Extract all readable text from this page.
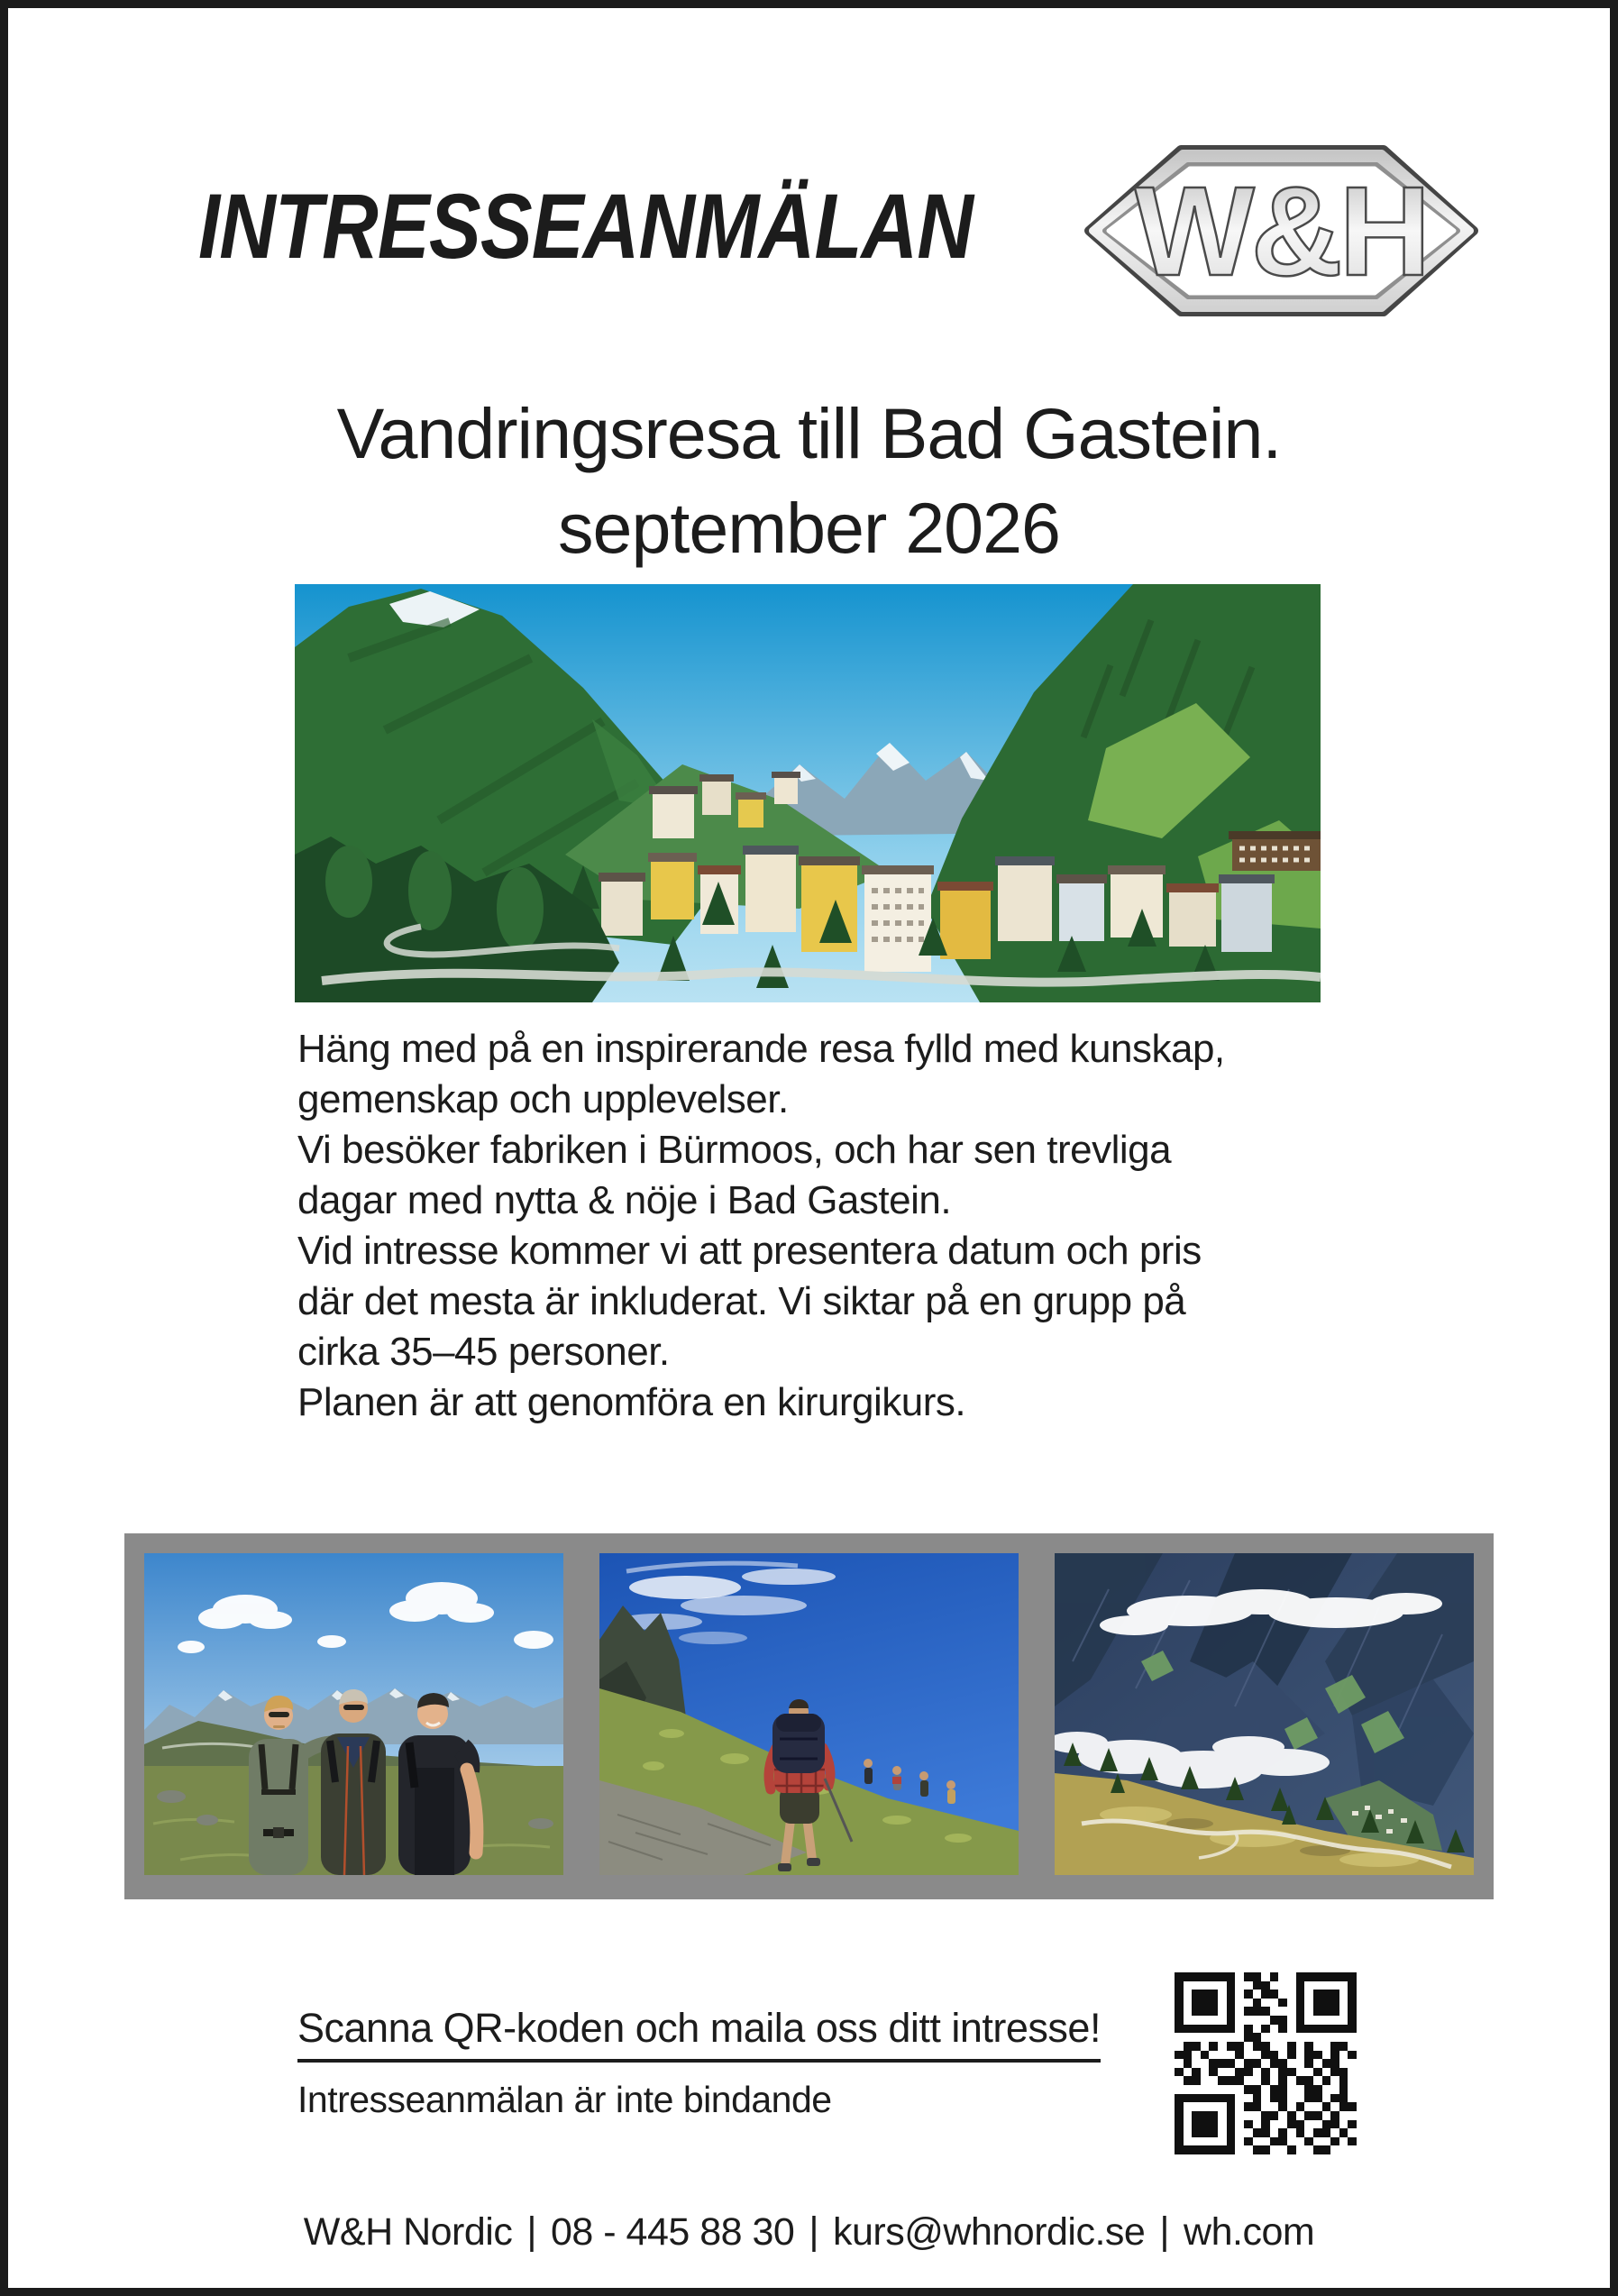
INTRESSEANMÄLAN W&H
Vandringsresa till Bad Gastein.
september 2026
Häng med på en inspirerande resa fylld med kunskap,
gemenskap och upplevelser.
Vi besöker fabriken i Bürmoos, och har sen trevliga
dagar med nytta & nöje i Bad Gastein.
Vid intresse kommer vi att presentera datum och pris
där det mesta är inkluderat. Vi siktar på en grupp på
cirka 35–45 personer.
Planen är att genomföra en kirurgikurs.
Scanna QR-koden och maila oss ditt intresse!
Intresseanmälan är inte bindande
W&H Nordic | 08 - 445 88 30 | kurs@whnordic.se | wh.com
